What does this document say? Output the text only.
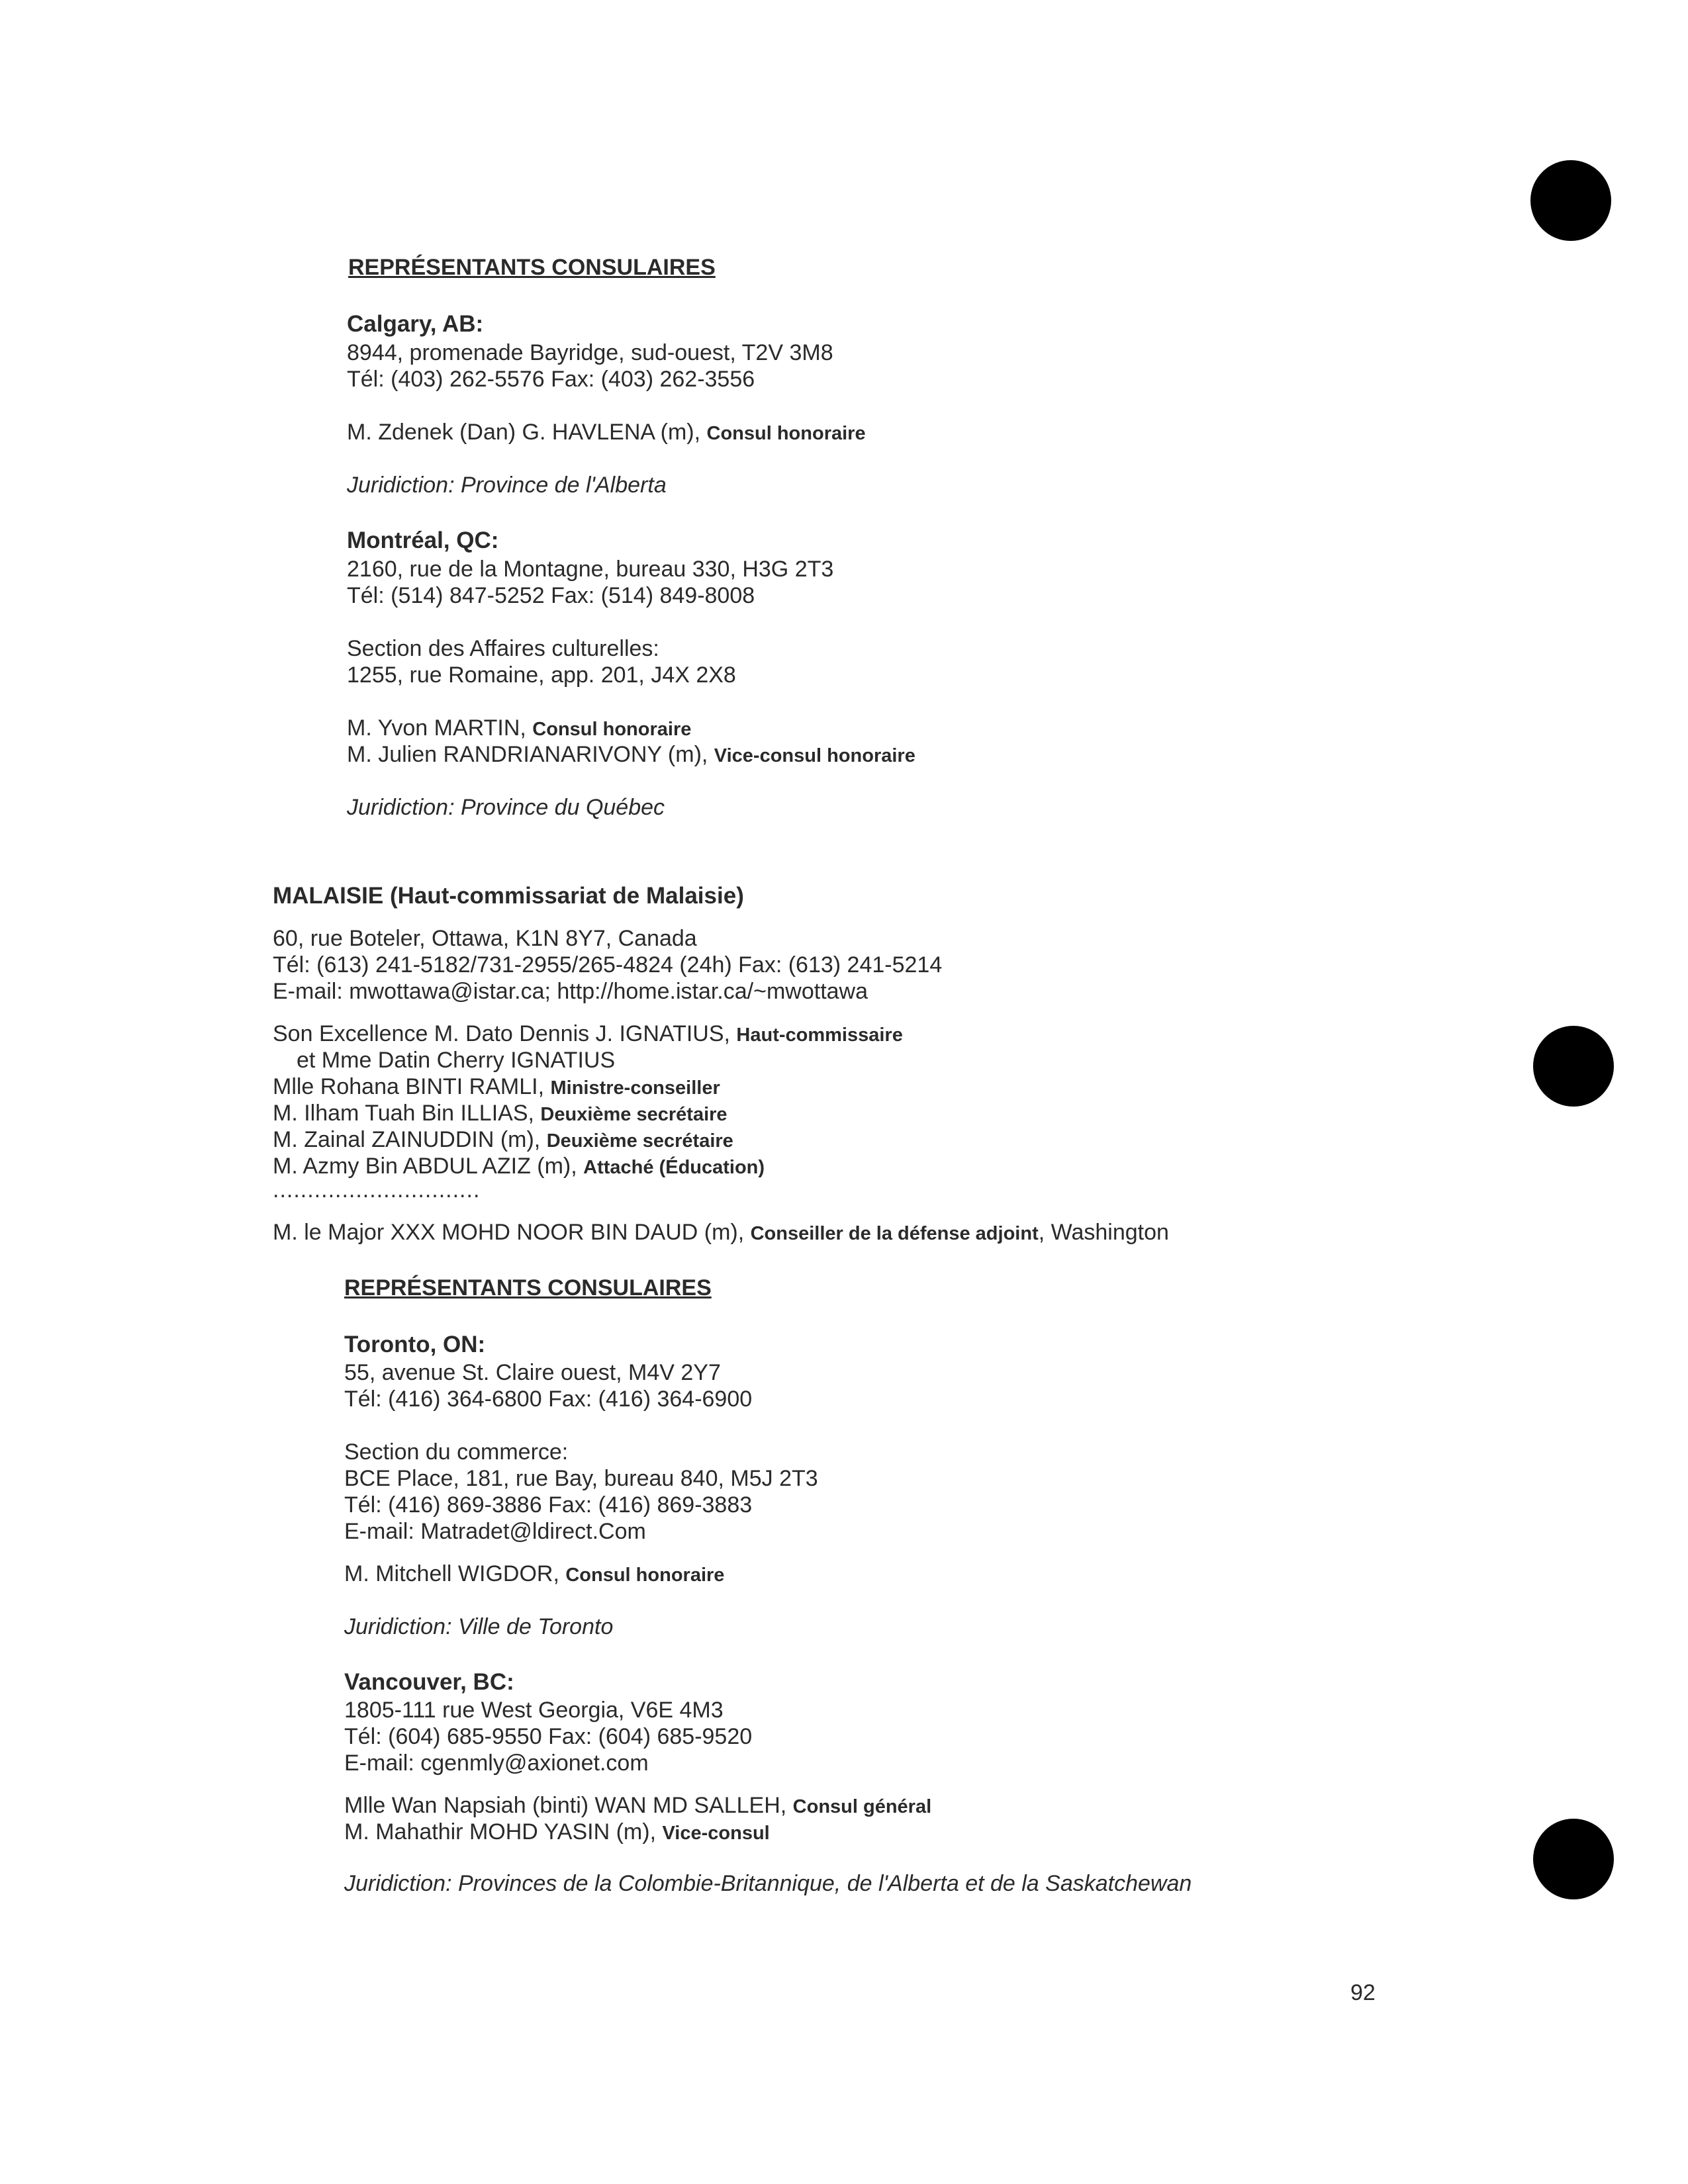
REPRÉSENTANTS CONSULAIRES
Calgary, AB:
8944, promenade Bayridge, sud-ouest, T2V 3M8
Tél: (403) 262-5576 Fax: (403) 262-3556
M. Zdenek (Dan) G. HAVLENA (m), Consul honoraire
Juridiction: Province de l'Alberta
Montréal, QC:
2160, rue de la Montagne, bureau 330, H3G 2T3
Tél: (514) 847-5252 Fax: (514) 849-8008
Section des Affaires culturelles:
1255, rue Romaine, app. 201, J4X 2X8
M. Yvon MARTIN, Consul honoraire
M. Julien RANDRIANARIVONY (m), Vice-consul honoraire
Juridiction: Province du Québec
MALAISIE (Haut-commissariat de Malaisie)
60, rue Boteler, Ottawa, K1N 8Y7, Canada
Tél: (613) 241-5182/731-2955/265-4824 (24h) Fax: (613) 241-5214
E-mail: mwottawa@istar.ca; http://home.istar.ca/~mwottawa
Son Excellence M. Dato Dennis J. IGNATIUS, Haut-commissaire
et Mme Datin Cherry IGNATIUS
Mlle Rohana BINTI RAMLI, Ministre-conseiller
M. Ilham Tuah Bin ILLIAS, Deuxième secrétaire
M. Zainal ZAINUDDIN (m), Deuxième secrétaire
M. Azmy Bin ABDUL AZIZ (m), Attaché (Éducation)
..............................
M. le Major XXX MOHD NOOR BIN DAUD (m), Conseiller de la défense adjoint, Washington
REPRÉSENTANTS CONSULAIRES
Toronto, ON:
55, avenue St. Claire ouest, M4V 2Y7
Tél: (416) 364-6800 Fax: (416) 364-6900
Section du commerce:
BCE Place, 181, rue Bay, bureau 840, M5J 2T3
Tél: (416) 869-3886 Fax: (416) 869-3883
E-mail: Matradet@ldirect.Com
M. Mitchell WIGDOR, Consul honoraire
Juridiction: Ville de Toronto
Vancouver, BC:
1805-111 rue West Georgia, V6E 4M3
Tél: (604) 685-9550 Fax: (604) 685-9520
E-mail: cgenmly@axionet.com
Mlle Wan Napsiah (binti) WAN MD SALLEH, Consul général
M. Mahathir MOHD YASIN (m), Vice-consul
Juridiction: Provinces de la Colombie-Britannique, de l'Alberta et de la Saskatchewan
92
